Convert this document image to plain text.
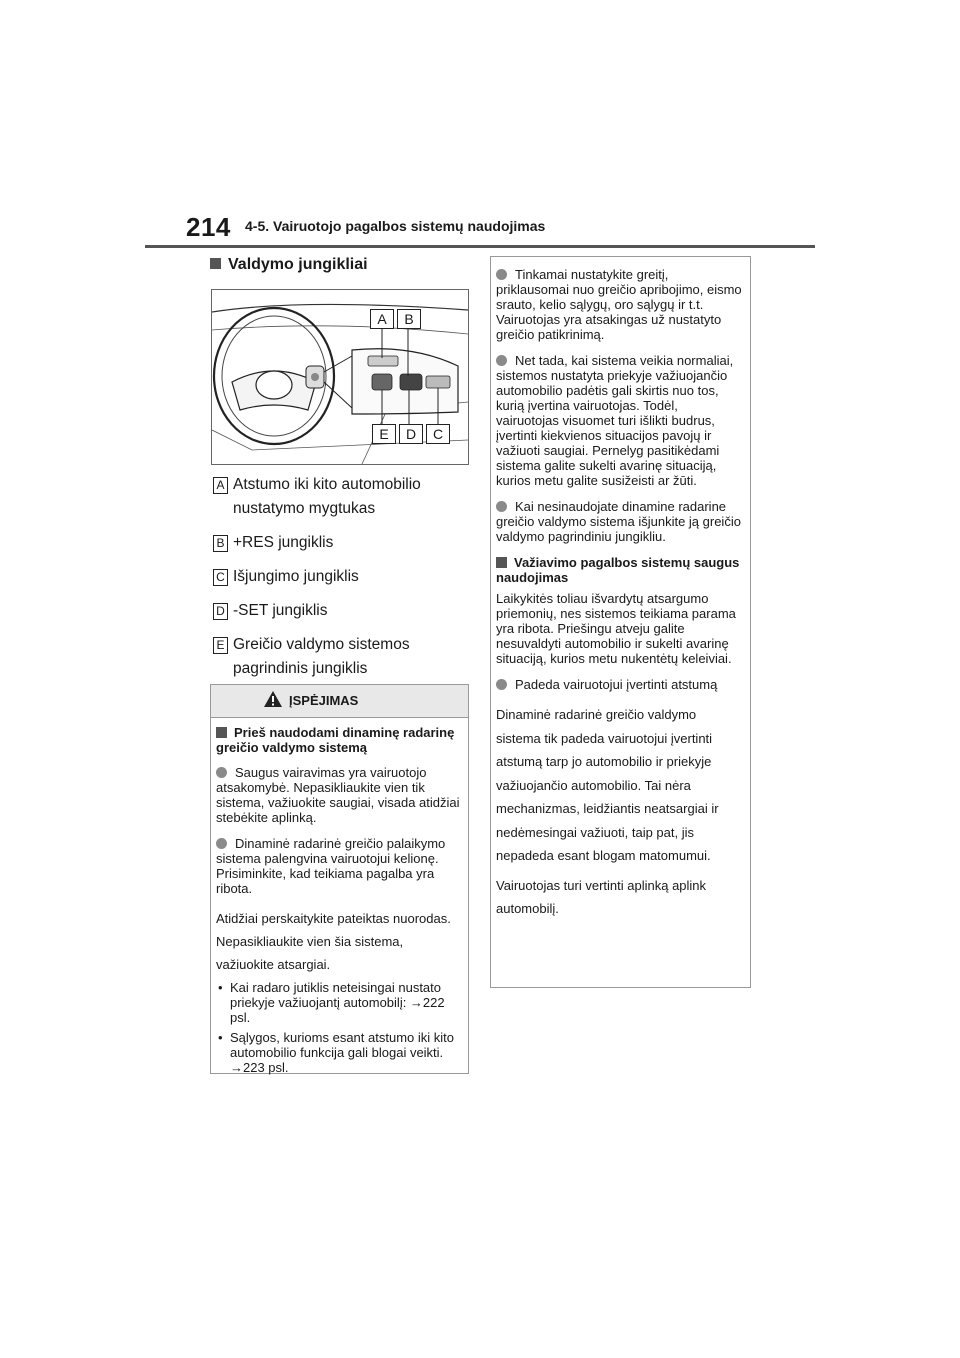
214 4-5. Vairuotojo pagalbos sistemų naudojimas
Valdymo jungikliai
A	B
E	D	C
A Atstumo iki kito automobilio nustatymo mygtukas
B +RES jungiklis
C Išjungimo jungiklis
D -SET jungiklis
E Greičio valdymo sistemos pagrindinis jungiklis
ĮSPĖJIMAS
Prieš naudodami dinaminę radarinę greičio valdymo sistemą
Saugus vairavimas yra vairuotojo atsakomybė. Nepasikliaukite vien tik sistema, važiuokite saugiai, visada atidžiai stebėkite aplinką.
Dinaminė radarinė greičio palaikymo sistema palengvina vairuotojui kelionę. Prisiminkite, kad teikiama pagalba yra ribota.
Atidžiai perskaitykite pateiktas nuorodas. Nepasikliaukite vien šia sistema, važiuokite atsargiai.
• Kai radaro jutiklis neteisingai nustato priekyje važiuojantį automobilį: →222 psl.
• Sąlygos, kurioms esant atstumo iki kito automobilio funkcija gali blogai veikti. →223 psl.
Tinkamai nustatykite greitį, priklausomai nuo greičio apribojimo, eismo srauto, kelio sąlygų, oro sąlygų ir t.t. Vairuotojas yra atsakingas už nustatyto greičio patikrinimą.
Net tada, kai sistema veikia normaliai, sistemos nustatyta priekyje važiuojančio automobilio padėtis gali skirtis nuo tos, kurią įvertina vairuotojas. Todėl, vairuotojas visuomet turi išlikti budrus, įvertinti kiekvienos situacijos pavojų ir važiuoti saugiai. Pernelyg pasitikėdami sistema galite sukelti avarinę situaciją, kurios metu galite susižeisti ar žūti.
Kai nesinaudojate dinamine radarine greičio valdymo sistema išjunkite ją greičio valdymo pagrindiniu jungikliu.
Važiavimo pagalbos sistemų saugus naudojimas
Laikykitės toliau išvardytų atsargumo priemonių, nes sistemos teikiama parama yra ribota. Priešingu atveju galite nesuvaldyti automobilio ir sukelti avarinę situaciją, kurios metu nukentėtų keleiviai.
Padeda vairuotojui įvertinti atstumą
Dinaminė radarinė greičio valdymo sistema tik padeda vairuotojui įvertinti atstumą tarp jo automobilio ir priekyje važiuojančio automobilio. Tai nėra mechanizmas, leidžiantis neatsargiai ir nedėmesingai važiuoti, taip pat, jis nepadeda esant blogam matomumui.
Vairuotojas turi vertinti aplinką aplink automobilį.
